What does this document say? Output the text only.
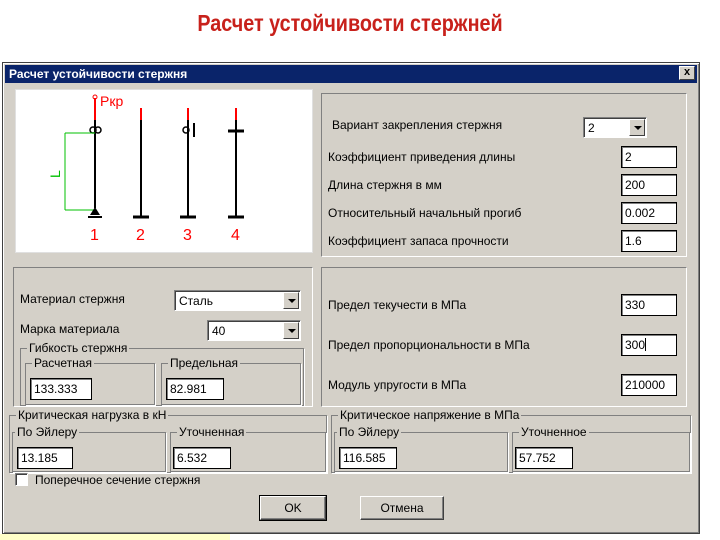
Расчет устойчивости стержней
Расчет устойчивости стержня	x
Pкр
L
1 2 3 4
Вариант закрепления стержня	2
Коэффициент приведения длины	2
Длина стержня в мм	200
Относительный начальный прогиб	0.002
Коэффициент запаса прочности	1.6
Материал стержня	Сталь
Марка материала	40
Гибкость стержня
Расчетная
133.333
Предельная
82.981
Предел текучести в МПа	330
Предел пропорциональности в МПа	300
Модуль упругости в МПа	210000
Критическая нагрузка в кН
По Эйлеру
13.185
Уточненная
6.532
Критическое напряжение в МПа
По Эйлеру
116.585
Уточненное
57.752
Поперечное сечение стержня
OK	Отмена
